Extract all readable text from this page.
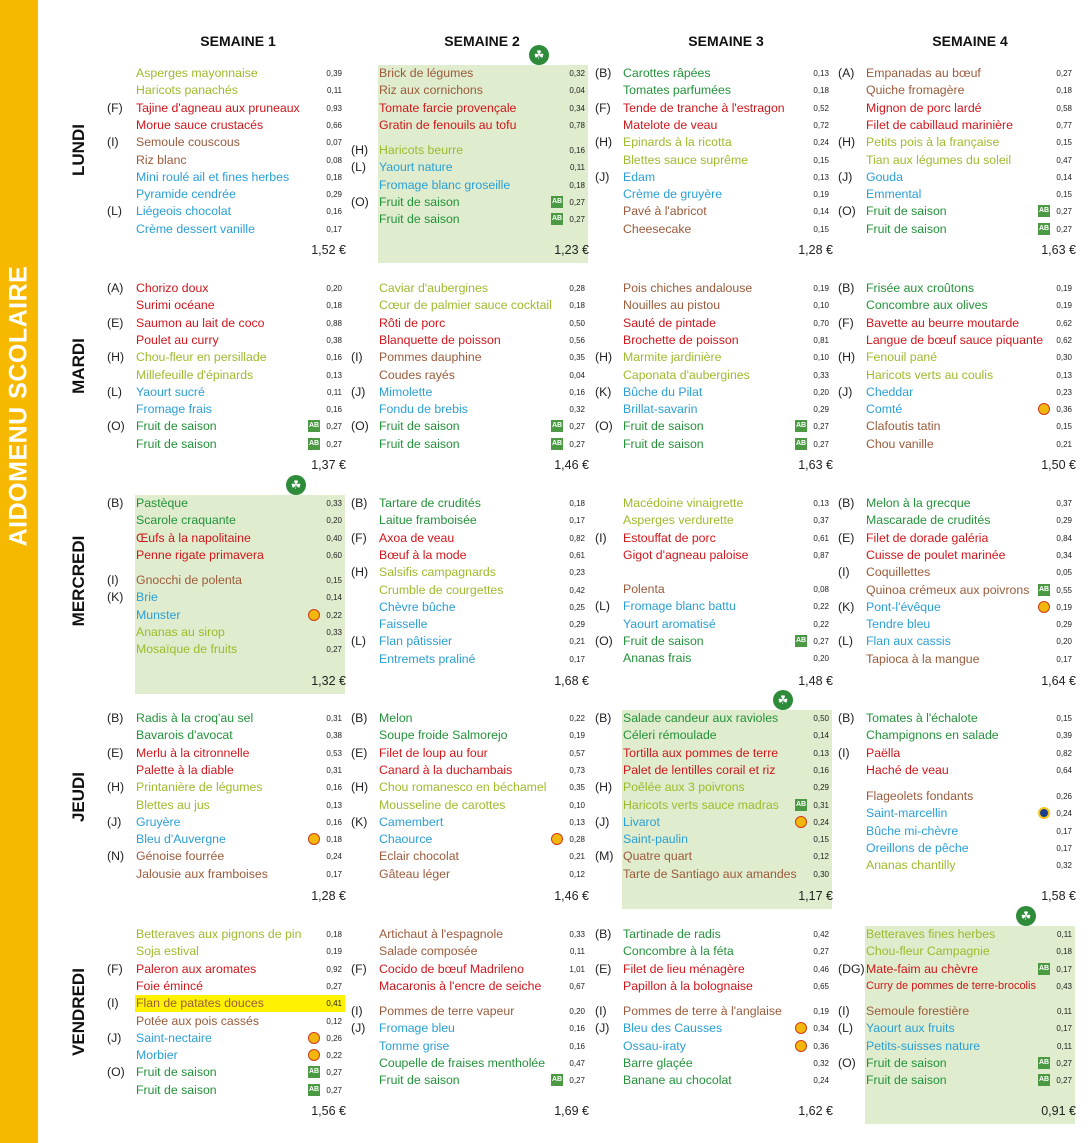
AIDOMENU SCOLAIRE
SEMAINE 1	SEMAINE 2	SEMAINE 3	SEMAINE 4
LUNDI
MARDI
MERCREDI
JEUDI
VENDREDI
Asperges mayonnaise	0,39
Haricots panachés	0,11
(F)	Tajine d'agneau aux pruneaux	0,93
Morue sauce crustacés	0,66
(I)	Semoule couscous	0,07
Riz blanc	0,08
Mini roulé ail et fines herbes	0,18
Pyramide cendrée	0,29
(L)	Liégeois chocolat	0,16
Crème dessert vanille	0,17
1,52 €
Brick de légumes	0,32
Riz aux cornichons	0,04
Tomate farcie provençale	0,34
Gratin de fenouils au tofu	0,78
(H) Haricots beurre	0,16
(L)	Yaourt nature	0,11
Fromage blanc groseille	0,18
(O) Fruit de saison	AB 0,27
Fruit de saison	AB 0,27
1,23 €
☘
(B) Carottes râpées	0,13
Tomates parfumées	0,18
(F) Tende de tranche à l'estragon	0,52
Matelote de veau	0,72
(H) Epinards à la ricotta	0,24
Blettes sauce suprême	0,15
(J)	Edam	0,13
Crème de gruyère	0,19
Pavé à l'abricot	0,14
Cheesecake	0,15
1,28 €
(A) Empanadas au bœuf	0,27
Quiche fromagère	0,18
Mignon de porc lardé	0,58
Filet de cabillaud marinière	0,77
(H) Petits pois à la française	0,15
Tian aux légumes du soleil	0,47
(J)	Gouda	0,14
Emmental	0,15
(O) Fruit de saison	AB 0,27
Fruit de saison	AB 0,27
1,63 €
(A)	Chorizo doux	0,20
Surimi océane	0,18
(E)	Saumon au lait de coco	0,88
Poulet au curry	0,38
(H) Chou-fleur en persillade	0,16
Millefeuille d'épinards	0,13
(L)	Yaourt sucré	0,11
Fromage frais	0,16
(O) Fruit de saison	AB 0,27
Fruit de saison	AB 0,27
1,37 €
Caviar d'aubergines	0,28
Cœur de palmier sauce cocktail 0,18
Rôti de porc	0,50
Blanquette de poisson	0,56
(I)	Pommes dauphine	0,35
Coudes rayés	0,04
(J)	Mimolette	0,16
Fondu de brebis	0,32
(O) Fruit de saison	AB 0,27
Fruit de saison	AB 0,27
1,46 €
Pois chiches andalouse	0,19
Nouilles au pistou	0,10
Sauté de pintade	0,70
Brochette de poisson	0,81
(H) Marmite jardinière	0,10
Caponata d'aubergines	0,33
(K) Bûche du Pilat	0,20
Brillat-savarin	0,29
(O) Fruit de saison	AB 0,27
Fruit de saison	AB 0,27
1,63 €
(B) Frisée aux croûtons	0,19
Concombre aux olives	0,19
(F) Bavette au beurre moutarde	0,62
Langue de bœuf sauce piquante 0,62
(H) Fenouil pané	0,30
Haricots verts au coulis	0,13
(J)	Cheddar	0,23
Comté	0,36
Clafoutis tatin	0,15
Chou vanille	0,21
1,50 €
(B)	Pastèque	0,33
Scarole craquante	0,20
Œufs à la napolitaine	0,40
Penne rigate primavera	0,60
(I)	Gnocchi de polenta	0,15
(K)	Brie	0,14
Munster	0,22
Ananas au sirop	0,33
Mosaïque de fruits	0,27
1,32 €
☘
(B) Tartare de crudités	0,18
Laitue framboisée	0,17
(F) Axoa de veau	0,82
Bœuf à la mode	0,61
(H) Salsifis campagnards	0,23
Crumble de courgettes	0,42
Chèvre bûche	0,25
Faisselle	0,29
(L)	Flan pâtissier	0,21
Entremets praliné	0,17
1,68 €
Macédoine vinaigrette	0,13
Asperges verdurette	0,37
(I)	Estouffat de porc	0,61
Gigot d'agneau paloise	0,87
Polenta	0,08
(L)	Fromage blanc battu	0,22
Yaourt aromatisé	0,22
(O) Fruit de saison	AB 0,27
Ananas frais	0,20
1,48 €
(B) Melon à la grecque	0,37
Mascarade de crudités	0,29
(E) Filet de dorade galéria	0,84
Cuisse de poulet marinée	0,34
(I)	Coquillettes	0,05
Quinoa crémeux aux poivrons AB 0,55
(K) Pont-l'évêque	0,19
Tendre bleu	0,29
(L)	Flan aux cassis	0,20
Tapioca à la mangue	0,17
1,64 €
(B)	Radis à la croq'au sel	0,31
Bavarois d'avocat	0,38
(E)	Merlu à la citronnelle	0,53
Palette à la diable	0,31
(H) Printanière de légumes	0,16
Blettes au jus	0,13
(J)	Gruyère	0,16
Bleu d'Auvergne	0,18
(N) Génoise fourrée	0,24
Jalousie aux framboises	0,17
1,28 €
(B) Melon	0,22
Soupe froide Salmorejo	0,19
(E) Filet de loup au four	0,57
Canard à la duchambais	0,73
(H) Chou romanesco en béchamel	0,35
Mousseline de carottes	0,10
(K) Camembert	0,13
Chaource	0,28
Eclair chocolat	0,21
Gâteau léger	0,12
1,46 €
(B) Salade candeur aux ravioles	0,50
Céleri rémoulade	0,14
Tortilla aux pommes de terre	0,13
Palet de lentilles corail et riz	0,16
(H) Poêlée aux 3 poivrons	0,29
Haricots verts sauce madras AB 0,31
(J)	Livarot	0,24
Saint-paulin	0,15
(M) Quatre quart	0,12
Tarte de Santiago aux amandes 0,30
1,17 €
☘
(B) Tomates à l'échalote	0,15
Champignons en salade	0,39
(I)	Paëlla	0,82
Haché de veau	0,64
Flageolets fondants	0,26
Saint-marcellin	0,24
Bûche mi-chèvre	0,17
Oreillons de pêche	0,17
Ananas chantilly	0,32
1,58 €
Betteraves aux pignons de pin	0,18
Soja estival	0,19
(F)	Paleron aux aromates	0,92
Foie émincé	0,27
(I)	Flan de patates douces	0,41
Potée aux pois cassés	0,12
(J)	Saint-nectaire	0,26
Morbier	0,22
(O) Fruit de saison	AB 0,27
Fruit de saison	AB 0,27
1,56 €
Artichaut à l'espagnole	0,33
Salade composée	0,11
(F) Cocido de bœuf Madrileno	1,01
Macaronis à l'encre de seiche	0,67
(I)	Pommes de terre vapeur	0,20
(J)	Fromage bleu	0,16
Tomme grise	0,16
Coupelle de fraises mentholée	0,47
Fruit de saison	AB 0,27
1,69 €
(B) Tartinade de radis	0,42
Concombre à la féta	0,27
(E) Filet de lieu ménagère	0,46
Papillon à la bolognaise	0,65
(I)	Pommes de terre à l'anglaise	0,19
(J)	Bleu des Causses	0,34
Ossau-iraty	0,36
Barre glaçée	0,32
Banane au chocolat	0,24
1,62 €
Betteraves fines herbes	0,11
Chou-fleur Campagnie	0,18
(DG) Mate-faim au chèvre	AB 0,17
Curry de pommes de terre-brocolis	0,43
(I)	Semoule forestière	0,11
(L)	Yaourt aux fruits	0,17
Petits-suisses nature	0,11
(O) Fruit de saison	AB 0,27
Fruit de saison	AB 0,27
0,91 €
☘
